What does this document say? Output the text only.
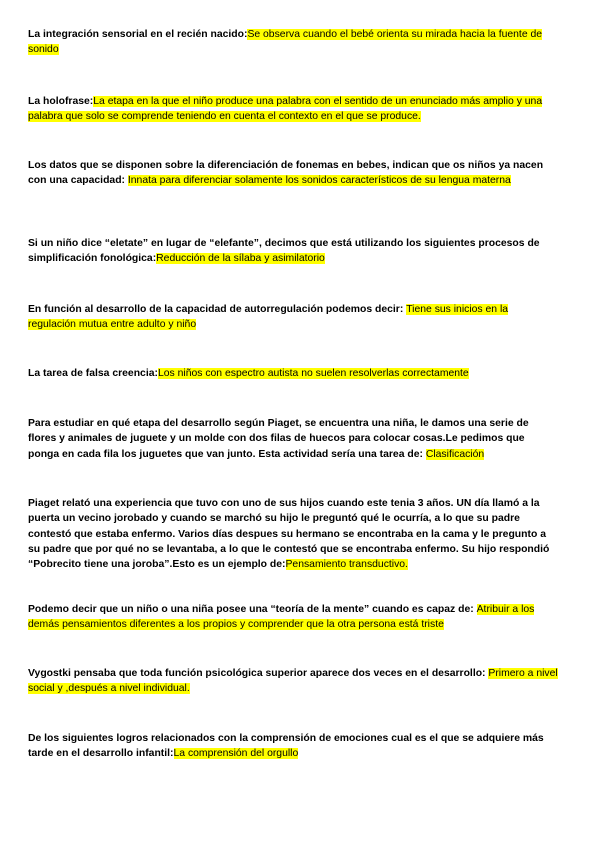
La integración sensorial en el recién nacido:Se observa cuando el bebé orienta su mirada hacia la fuente de sonido
La holofrase:La etapa en la que el niño produce una palabra con el sentido de un enunciado más amplio y una palabra que solo se comprende teniendo en cuenta el contexto en el que se produce.
Los datos que se disponen sobre la diferenciación de fonemas en bebes, indican que os niños ya nacen con una capacidad: Innata para diferenciar solamente los sonidos característicos de su lengua materna
Si un niño dice “eletate” en lugar de “elefante”, decimos que está utilizando los siguientes procesos de simplificación fonológica:Reducción de la sílaba y asimilatorio
En función al desarrollo de la capacidad de autorregulación podemos decir: Tiene sus inicios en la regulación mutua entre adulto y niño
La tarea de falsa creencia:Los niños con espectro autista no suelen resolverlas correctamente
Para estudiar en qué etapa del desarrollo según Piaget, se encuentra una niña, le damos una serie de flores y animales de juguete y un molde con dos filas de huecos para colocar cosas.Le pedimos que ponga en cada fila los juguetes que van junto. Esta actividad sería una tarea de: Clasificación
Piaget relató una experiencia que tuvo con uno de sus hijos cuando este tenia 3 años. UN día llamó a la puerta un vecino jorobado y cuando se marchó su hijo le preguntó qué le ocurría, a lo que su padre contestó que estaba enfermo. Varios días despues su hermano se encontraba en la cama y le pregunto a su padre que por qué no se levantaba, a lo que le contestó que se encontraba enfermo. Su hijo respondió “Pobrecito tiene una joroba”.Esto es un ejemplo de:Pensamiento transductivo.
Podemo decir que un niño o una niña posee una “teoría de la mente” cuando es capaz de: Atribuir a los demás pensamientos diferentes a los propios y comprender que la otra persona está triste
Vygostki pensaba que toda función psicológica superior aparece dos veces en el desarrollo: Primero a nivel social y ,después a nivel individual.
De los siguientes logros relacionados con la comprensión de emociones cual es el que se adquiere más tarde en el desarrollo infantil:La comprensión del orgullo
